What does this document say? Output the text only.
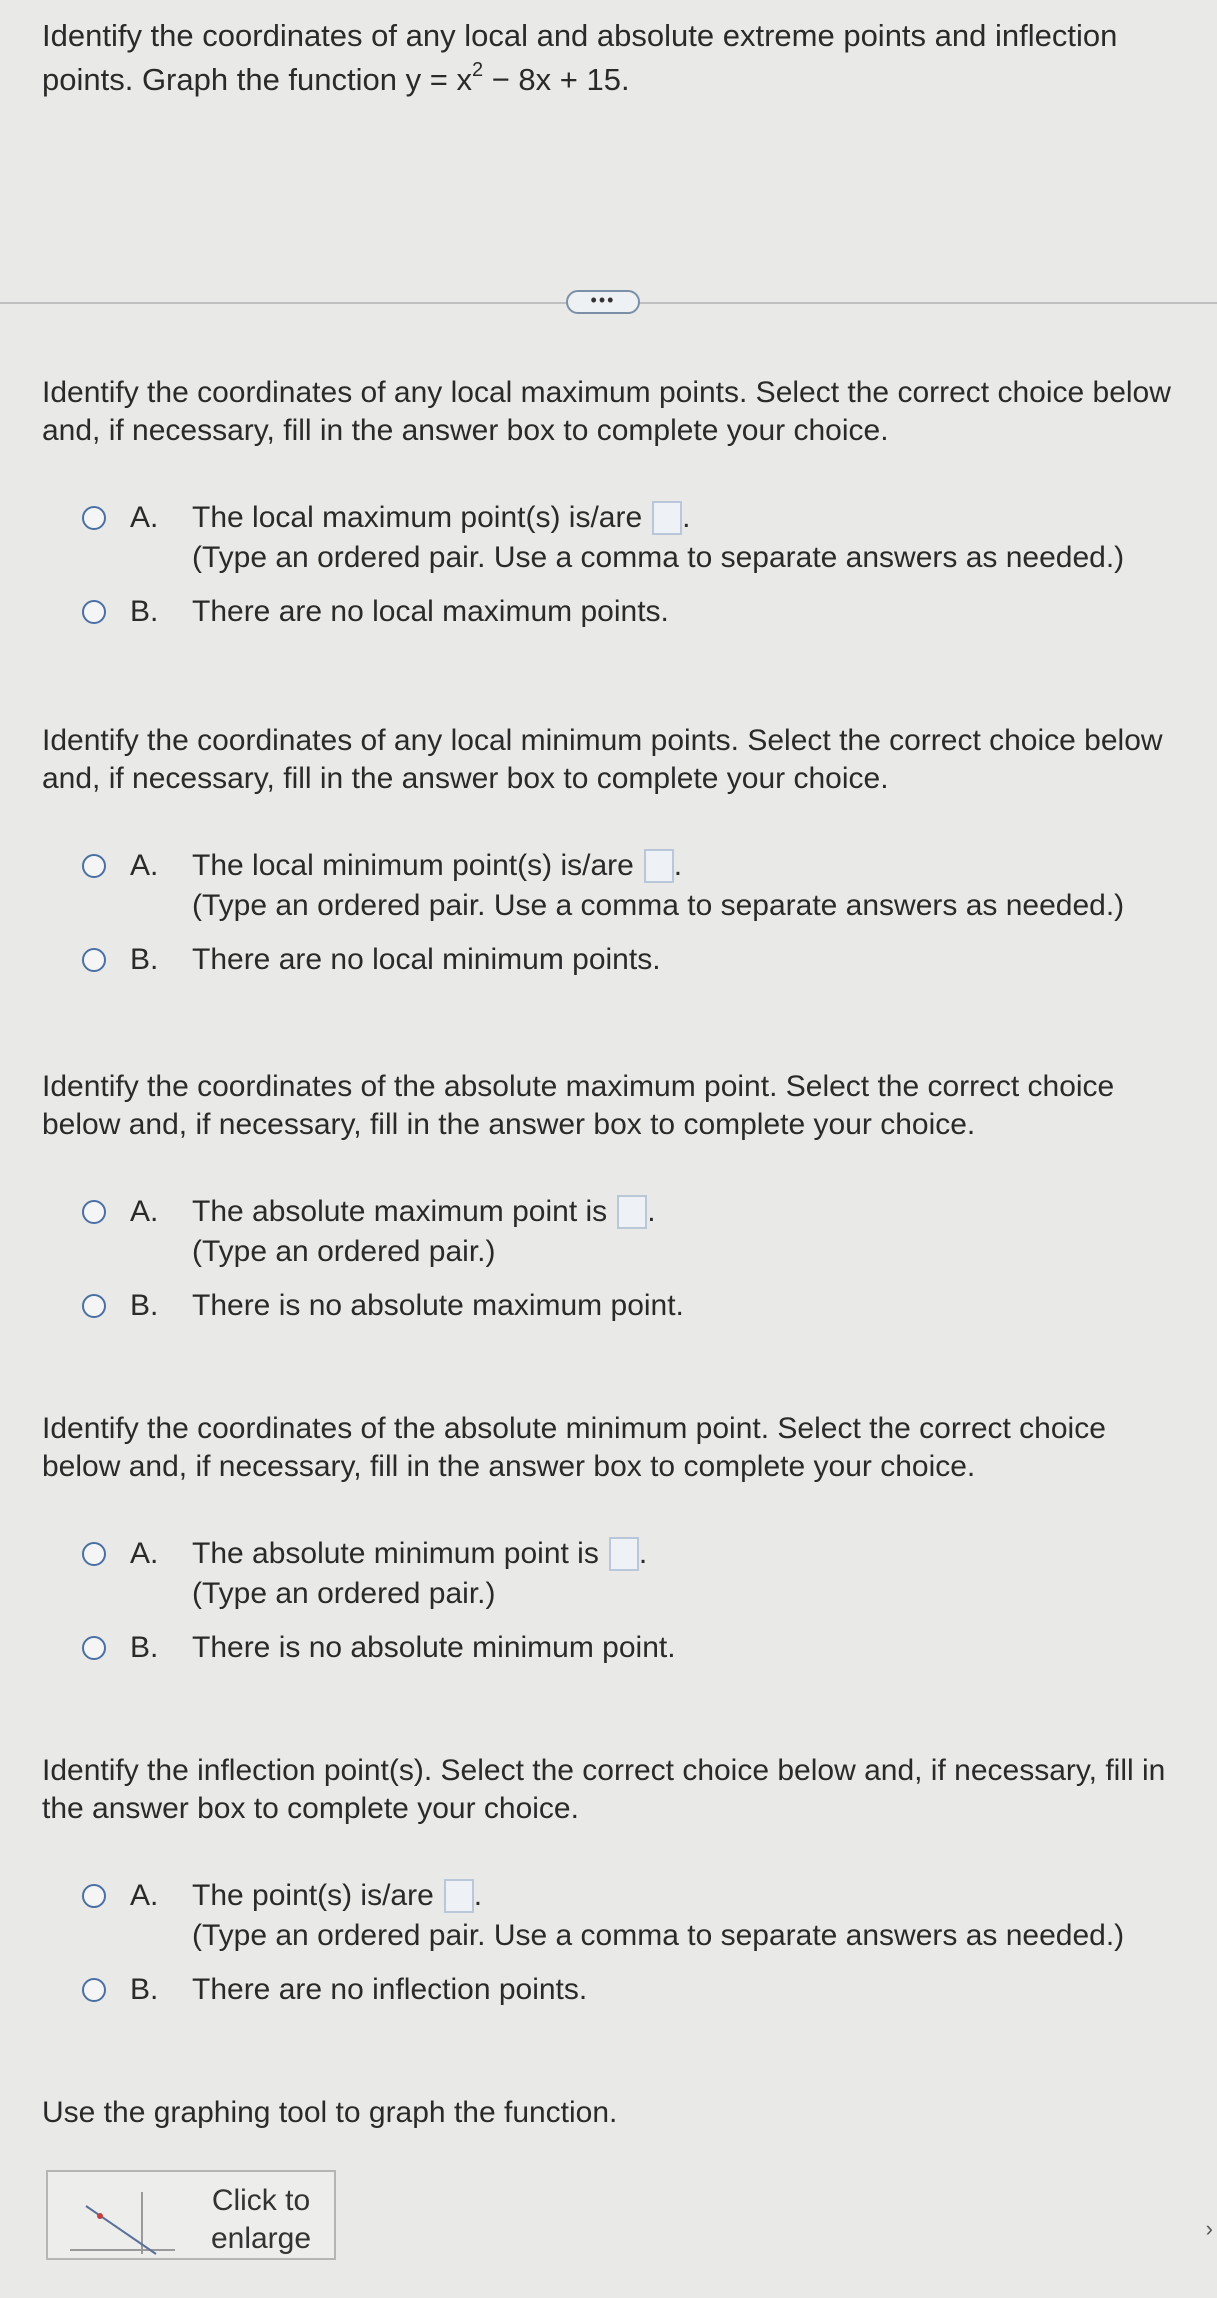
Identify the coordinates of any local and absolute extreme points and inflection
points. Graph the function $y = x^2 - 8x + 15$.
•••

Identify the coordinates of any local maximum points. Select the correct choice below and, if necessary, fill in the answer box to complete your choice.

A. The local maximum point(s) is/are .
(Type an ordered pair. Use a comma to separate answers as needed.)
B. There are no local maximum points.

Identify the coordinates of any local minimum points. Select the correct choice below and, if necessary, fill in the answer box to complete your choice.

A. The local minimum point(s) is/are .
(Type an ordered pair. Use a comma to separate answers as needed.)
B. There are no local minimum points.

Identify the coordinates of the absolute maximum point. Select the correct choice below and, if necessary, fill in the answer box to complete your choice.

A. The absolute maximum point is .
(Type an ordered pair.)
B. There is no absolute maximum point.

Identify the coordinates of the absolute minimum point. Select the correct choice below and, if necessary, fill in the answer box to complete your choice.

A. The absolute minimum point is .
(Type an ordered pair.)
B. There is no absolute minimum point.

Identify the inflection point(s). Select the correct choice below and, if necessary, fill in the answer box to complete your choice.

A. The point(s) is/are .
(Type an ordered pair. Use a comma to separate answers as needed.)
B. There are no inflection points.
Use the graphing tool to graph the function.
Click to
enlarge	›
